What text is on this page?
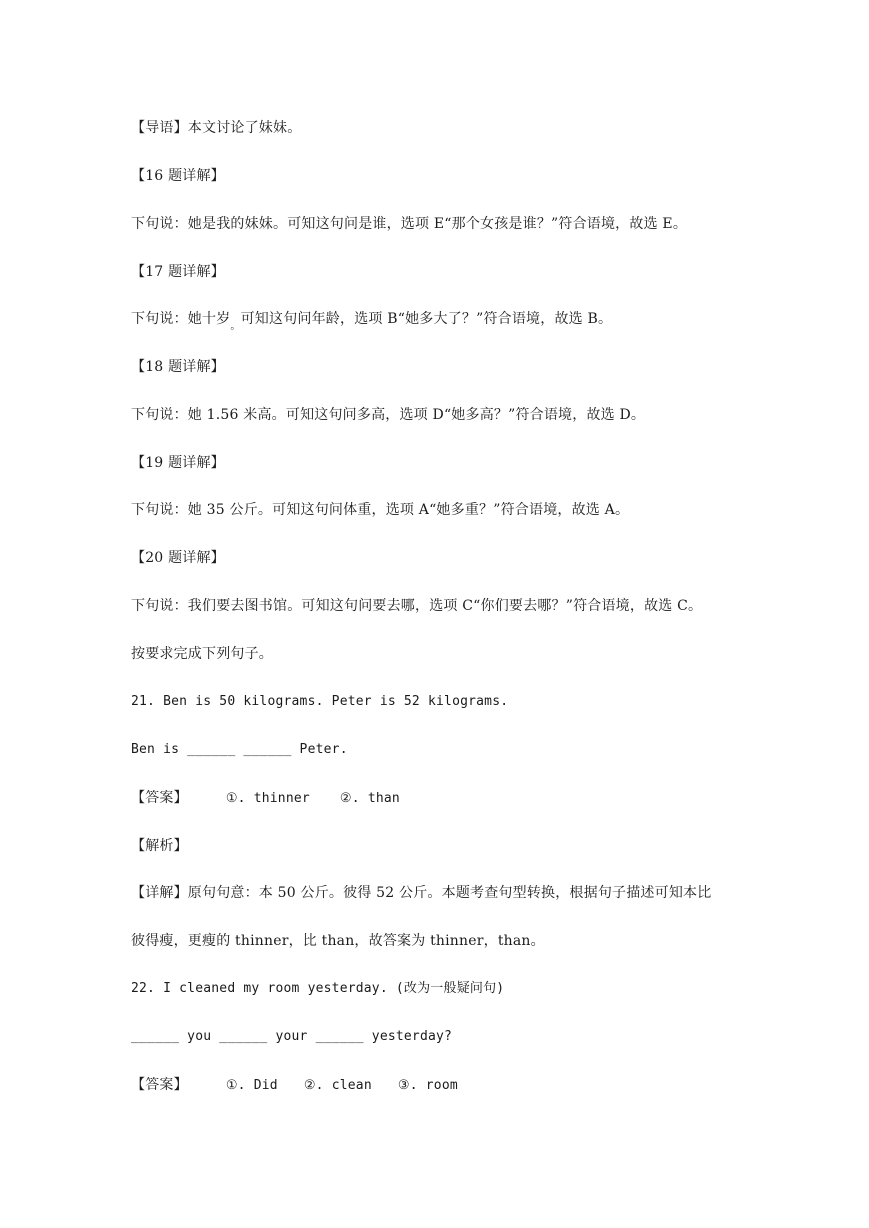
【导语】本文讨论了妹妹。
【16 题详解】
下句说：她是我的妹妹。可知这句问是谁，选项 E“那个女孩是谁？”符合语境，故选 E。
【17 题详解】
下句说：她十岁$_。$可知这句问年龄，选项 B“她多大了？”符合语境，故选 B。
【18 题详解】
下句说：她 1.56 米高。可知这句问多高，选项 D“她多高？”符合语境，故选 D。
【19 题详解】
下句说：她 35 公斤。可知这句问体重，选项 A“她多重？”符合语境，故选 A。
【20 题详解】
下句说：我们要去图书馆。可知这句问要去哪，选项 C“你们要去哪？”符合语境，故选 C。
按要求完成下列句子。
21. Ben is 50 kilograms. Peter is 52 kilograms.
Ben is ______ ______ Peter.
【答案】	①. thinner ②. than
【解析】
【详解】原句句意：本 50 公斤。彼得 52 公斤。本题考查句型转换，根据句子描述可知本比
彼得瘦，更瘦的 thinner，比 than，故答案为 thinner，than。
22. I cleaned my room yesterday. (改为一般疑问句)
______ you ______ your ______ yesterday?
【答案】	①. Did ②. clean ③. room
